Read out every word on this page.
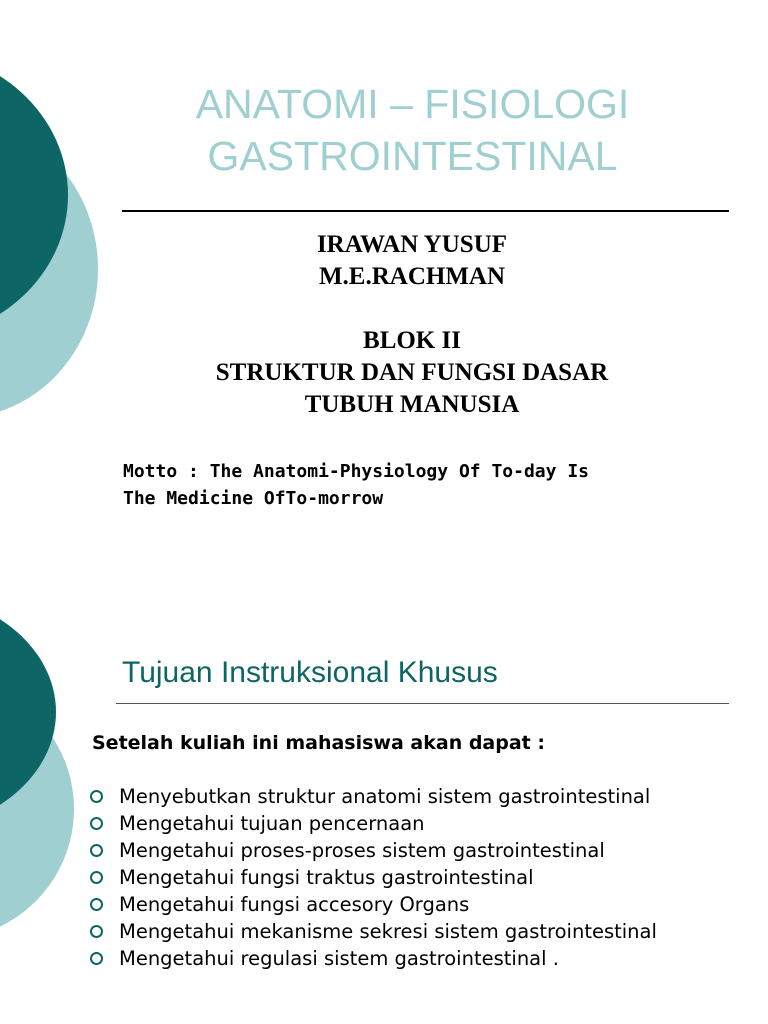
ANATOMI – FISIOLOGI
GASTROINTESTINAL
IRAWAN YUSUF
M.E.RACHMAN
BLOK II
STRUKTUR DAN FUNGSI DASAR
TUBUH MANUSIA
Motto : The Anatomi-Physiology Of To-day Is
The Medicine OfTo-morrow
Tujuan Instruksional Khusus
Setelah kuliah ini mahasiswa akan dapat :
Menyebutkan struktur anatomi sistem gastrointestinal
Mengetahui tujuan pencernaan
Mengetahui proses-proses sistem gastrointestinal
Mengetahui fungsi traktus gastrointestinal
Mengetahui fungsi accesory Organs
Mengetahui mekanisme sekresi sistem gastrointestinal
Mengetahui regulasi sistem gastrointestinal .
